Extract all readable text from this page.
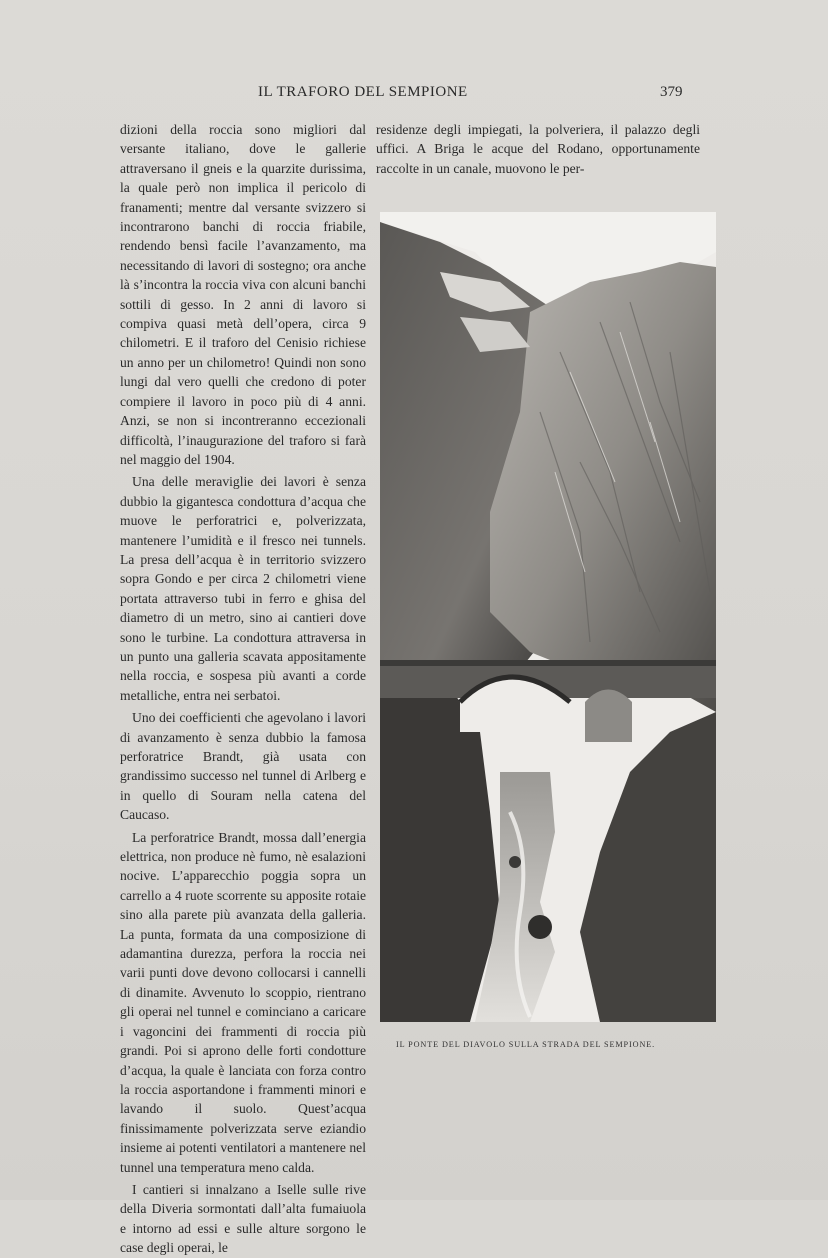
IL TRAFORO DEL SEMPIONE	379

dizioni della roccia sono migliori dal versante italiano, dove le gallerie attraversano il gneis e la quarzite durissima, la quale però non implica il pericolo di franamenti; mentre dal versante svizzero si incontrarono banchi di roccia friabile, rendendo bensì facile l’avanzamento, ma necessitando di lavori di sostegno; ora anche là s’incontra la roccia viva con alcuni banchi sottili di gesso. In 2 anni di lavoro si compiva quasi metà dell’opera, circa 9 chilometri. E il traforo del Cenisio richiese un anno per un chilometro! Quindi non sono lungi dal vero quelli che credono di poter compiere il lavoro in poco più di 4 anni. Anzi, se non si incontreranno eccezionali difficoltà, l’inaugurazione del traforo si farà nel maggio del 1904.

Una delle meraviglie dei lavori è senza dubbio la gigantesca condottura d’acqua che muove le perforatrici e, polverizzata, mantenere l’umidità e il fresco nei tunnels. La presa dell’acqua è in territorio svizzero sopra Gondo e per circa 2 chilometri viene portata attraverso tubi in ferro e ghisa del diametro di un metro, sino ai cantieri dove sono le turbine. La condottura attraversa in un punto una galleria scavata appositamente nella roccia, e sospesa più avanti a corde metalliche, entra nei serbatoi.

Uno dei coefficienti che agevolano i lavori di avanzamento è senza dubbio la famosa perforatrice Brandt, già usata con grandissimo successo nel tunnel di Arlberg e in quello di Souram nella catena del Caucaso.

La perforatrice Brandt, mossa dall’energia elettrica, non produce nè fumo, nè esalazioni nocive. L’apparecchio poggia sopra un carrello a 4 ruote scorrente su apposite rotaie sino alla parete più avanzata della galleria. La punta, formata da una composizione di adamantina durezza, perfora la roccia nei varii punti dove devono collocarsi i cannelli di dinamite. Avvenuto lo scoppio, rientrano gli operai nel tunnel e cominciano a caricare i vagoncini dei frammenti di roccia più grandi. Poi si aprono delle forti condotture d’acqua, la quale è lanciata con forza contro la roccia asportandone i frammenti minori e lavando il suolo. Quest’acqua finissimamente polverizzata serve eziandio insieme ai potenti ventilatori a mantenere nel tunnel una temperatura meno calda.

I cantieri si innalzano a Iselle sulle rive della Diveria sormontati dall’alta fumaiuola e intorno ad essi e sulle alture sorgono le case degli operai, le

residenze degli impiegati, la polveriera, il palazzo degli uffici. A Briga le acque del Rodano, opportunamente raccolte in un canale, muovono le per-

IL PONTE DEL DIAVOLO SULLA STRADA DEL SEMPIONE.
